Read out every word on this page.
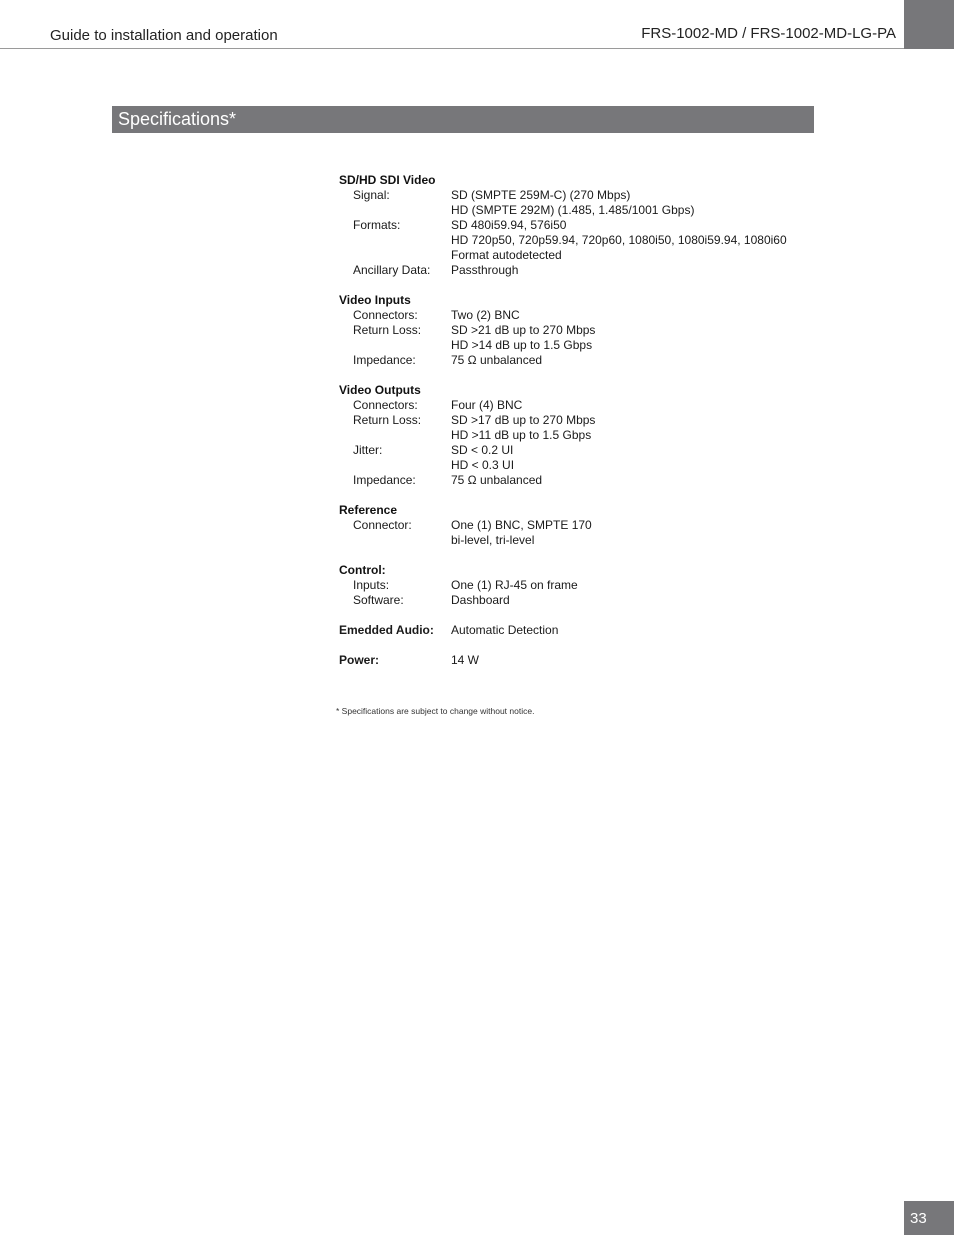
Guide to installation and operation	FRS-1002-MD / FRS-1002-MD-LG-PA
Specifications*
SD/HD SDI Video
Signal:	SD (SMPTE 259M-C) (270 Mbps)
HD (SMPTE 292M) (1.485, 1.485/1001 Gbps)
Formats:	SD 480i59.94, 576i50
HD 720p50, 720p59.94, 720p60, 1080i50, 1080i59.94, 1080i60
Format autodetected
Ancillary Data:	Passthrough
Video Inputs
Connectors:	Two (2) BNC
Return Loss:	SD >21 dB up to 270 Mbps
HD >14 dB up to 1.5 Gbps
Impedance:	75 Ω unbalanced
Video Outputs
Connectors:	Four (4) BNC
Return Loss:	SD >17 dB up to 270 Mbps
HD >11 dB up to 1.5 Gbps
Jitter:	SD < 0.2 UI
HD < 0.3 UI
Impedance:	75 Ω unbalanced
Reference
Connector:	One (1) BNC, SMPTE 170
bi-level, tri-level
Control:
Inputs:	One (1) RJ-45 on frame
Software:	Dashboard
Emedded Audio:	Automatic Detection
Power:	14 W
* Specifications are subject to change without notice.
33
